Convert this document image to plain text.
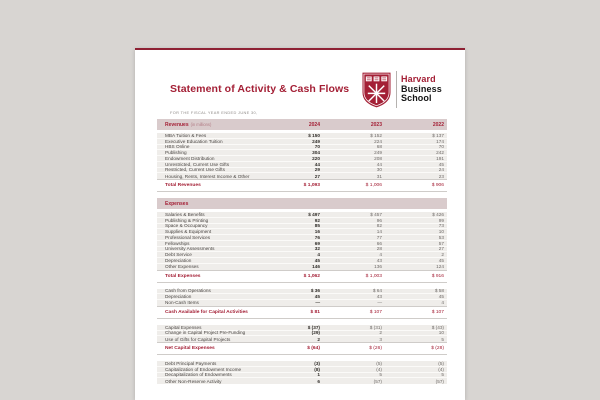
Statement of Activity & Cash Flows
Harvard
Business
School
FOR THE FISCAL YEAR ENDED JUNE 30,
Revenues (in millions)	2024	2023	2022
MBA Tuition & Fees	$ 150	$ 152	$ 137
Executive Education Tuition	249	224	174
HBS Online	70	68	70
Publishing	304	249	242
Endowment Distribution	220	208	191
Unrestricted, Current Use Gifts	44	44	45
Restricted, Current Use Gifts	29	30	24
Housing, Rents, Interest Income & Other	27	31	23
Total Revenues	$ 1,093	$ 1,006	$ 906
Expenses
Salaries & Benefits	$ 497	$ 457	$ 426
Publishing & Printing	92	96	99
Space & Occupancy	85	82	73
Supplies & Equipment	16	14	10
Professional Services	76	77	53
Fellowships	69	66	57
University Assessments	32	28	27
Debt Service	4	4	2
Depreciation	45	43	45
Other Expenses	146	136	124
Total Expenses	$ 1,062	$ 1,003	$ 916
Cash from Operations	$ 36	$ 64	$ 58
Depreciation	45	43	45
Non-Cash Items	—	—	4
Cash Available for Capital Activities	$ 81	$ 107	$ 107
Capital Expenses	$ (37)	$ (31)	$ (43)
Change in Capital Project Pre-Funding	(29)	2	10
Use of Gifts for Capital Projects	2	3	5
Net Capital Expenses	$ (64)	$ (26)	$ (28)
Debt Principal Payments	(3)	(5)	(5)
Capitalization of Endowment Income	(8)	(4)	(4)
Decapitalization of Endowments	1	5	5
Other Non-Reserve Activity	6	(57)	(57)
